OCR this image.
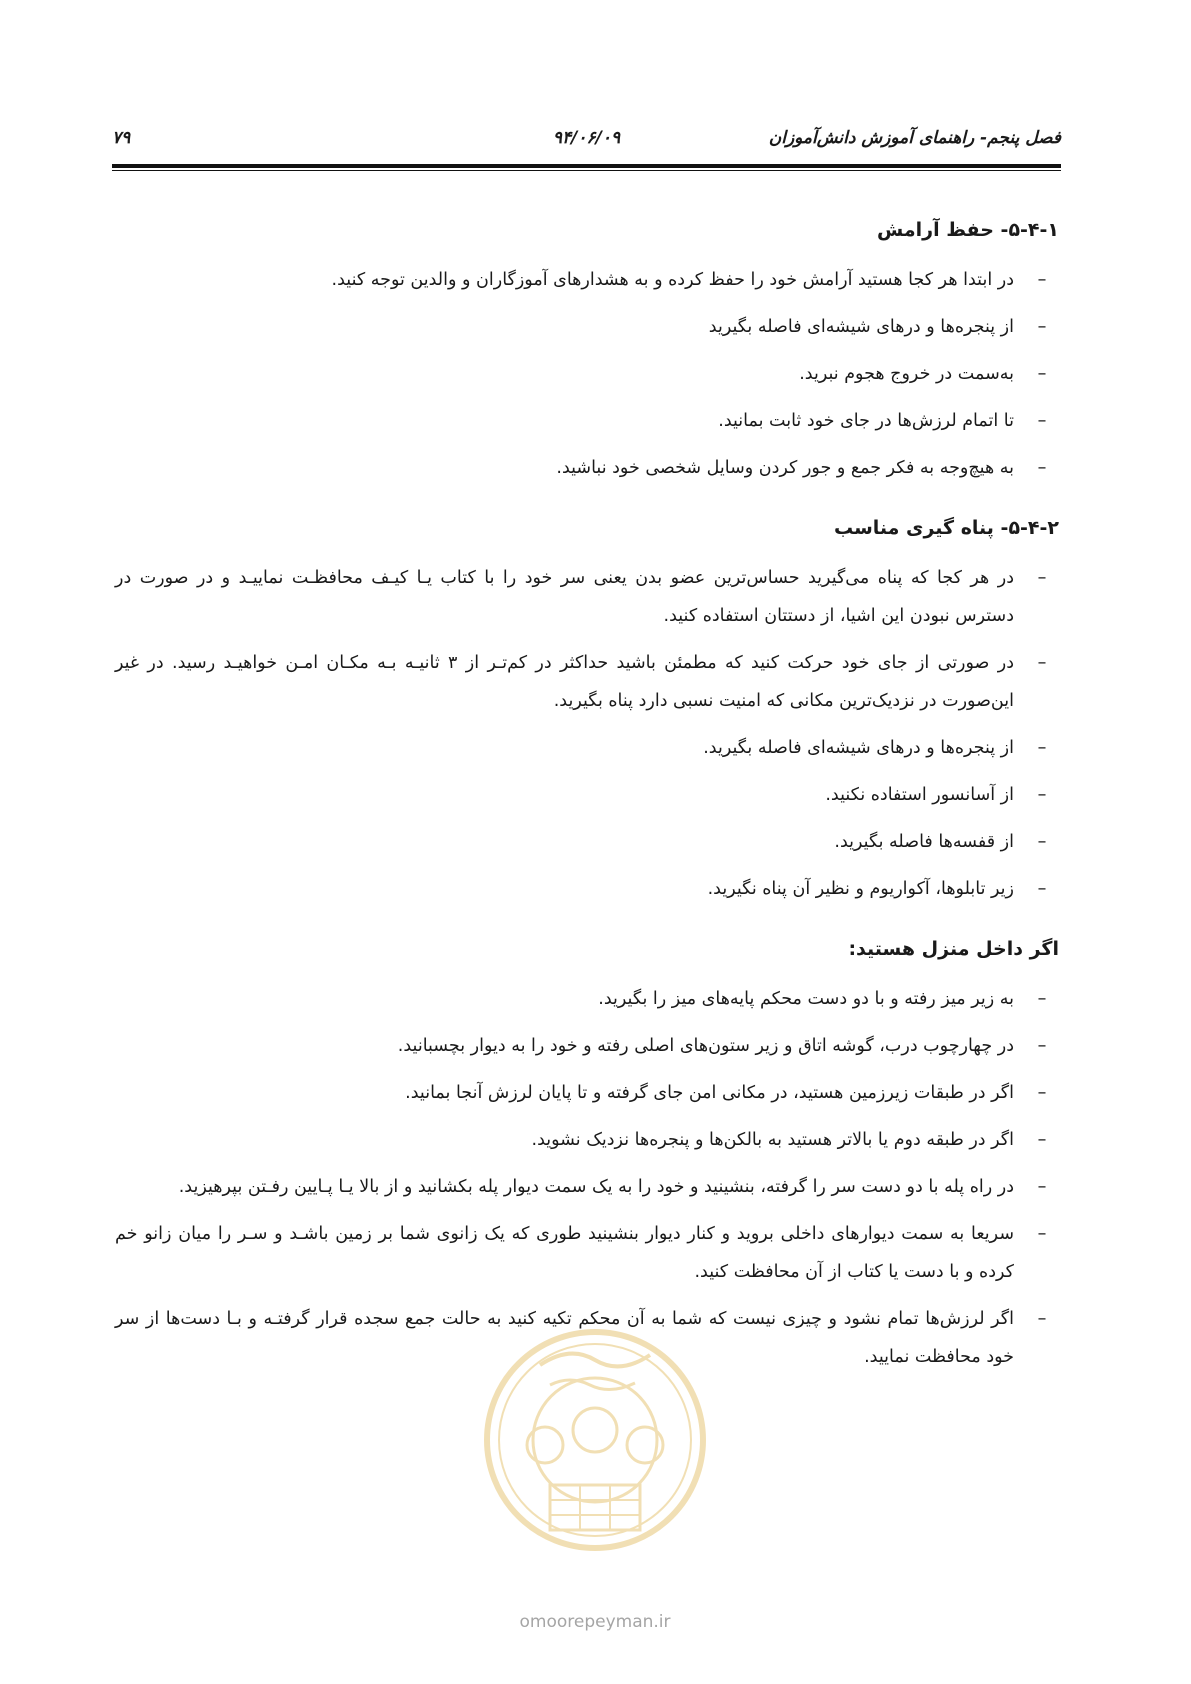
فصل پنجم- راهنمای آموزش دانش‌آموزان
۹۴/۰۶/۰۹
۷۹
۵-۴-۱- حفظ آرامش
–
در ابتدا هر کجا هستید آرامش خود را حفظ کرده و به هشدارهای آموزگاران و والدین توجه کنید.
–
از پنجره‌ها و درهای شیشه‌ای فاصله بگیرید
–
به‌سمت در خروج هجوم نبرید.
–
تا اتمام لرزش‌ها در جای خود ثابت بمانید.
–
به هیچ‌وجه به فکر جمع و جور کردن وسایل شخصی خود نباشید.
۵-۴-۲- پناه گیری مناسب
–
در هر کجا که پناه می‌گیرید حساس‌ترین عضو بدن یعنی سر خود را با کتاب یـا کیـف محافظـت نماییـد و در صورت در دسترس نبودن این اشیا، از دستتان استفاده کنید.
–
در صورتی از جای خود حرکت کنید که مطمئن باشید حداکثر در کم‌تـر از ۳ ثانیـه بـه مکـان امـن خواهیـد رسید. در غیر این‌صورت در نزدیک‌ترین مکانی که امنیت نسبی دارد پناه بگیرید.
–
از پنجره‌ها و درهای شیشه‌ای فاصله بگیرید.
–
از آسانسور استفاده نکنید.
–
از قفسه‌ها فاصله بگیرید.
–
زیر تابلوها، آکواریوم و نظیر آن پناه نگیرید.
اگر داخل منزل هستید:
–
به زیر میز رفته و با دو دست محکم پایه‌های میز را بگیرید.
–
در چهارچوب درب، گوشه اتاق و زیر ستون‌های اصلی رفته و خود را به دیوار بچسبانید.
–
اگر در طبقات زیرزمین هستید، در مکانی امن جای گرفته و تا پایان لرزش آنجا بمانید.
–
اگر در طبقه دوم یا بالاتر هستید به بالکن‌ها و پنجره‌ها نزدیک نشوید.
–
در راه پله با دو دست سر را گرفته، بنشینید و خود را به یک سمت دیوار پله بکشانید و از بالا یـا پـایین رفـتن بپرهیزید.
–
سریعا به سمت دیوارهای داخلی بروید و کنار دیوار بنشینید طوری که یک زانوی شما بر زمین باشـد و سـر را میان زانو خم کرده و با دست یا کتاب از آن محافظت کنید.
–
اگر لرزش‌ها تمام نشود و چیزی نیست که شما به آن محکم تکیه کنید به حالت جمع سجده قرار گرفتـه و بـا دست‌ها از سر خود محافظت نمایید.
omoorepeyman.ir
